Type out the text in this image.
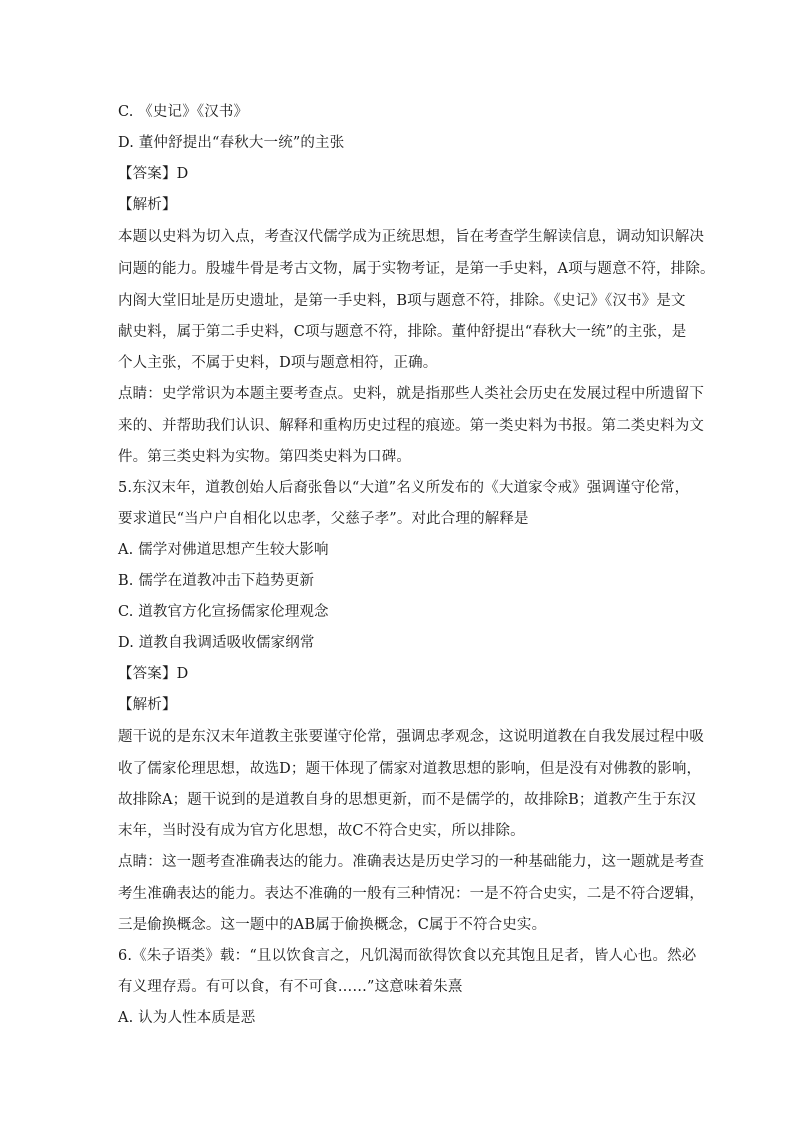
C. 《史记》《汉书》
D. 董仲舒提出“春秋大一统”的主张
【答案】D
【解析】
本题以史料为切入点，考查汉代儒学成为正统思想，旨在考查学生解读信息，调动知识解决
问题的能力。殷墟牛骨是考古文物，属于实物考证，是第一手史料，A项与题意不符，排除。
内阁大堂旧址是历史遗址，是第一手史料，B项与题意不符，排除。《史记》《汉书》是文
献史料，属于第二手史料，C项与题意不符，排除。董仲舒提出“春秋大一统”的主张，是
个人主张，不属于史料，D项与题意相符，正确。
点睛：史学常识为本题主要考查点。史料，就是指那些人类社会历史在发展过程中所遗留下
来的、并帮助我们认识、解释和重构历史过程的痕迹。第一类史料为书报。第二类史料为文
件。第三类史料为实物。第四类史料为口碑。
5.东汉末年，道教创始人后裔张鲁以“大道”名义所发布的《大道家令戒》强调谨守伦常，
要求道民“当户户自相化以忠孝，父慈子孝”。对此合理的解释是
A. 儒学对佛道思想产生较大影响
B. 儒学在道教冲击下趋势更新
C. 道教官方化宣扬儒家伦理观念
D. 道教自我调适吸收儒家纲常
【答案】D
【解析】
题干说的是东汉末年道教主张要谨守伦常，强调忠孝观念，这说明道教在自我发展过程中吸
收了儒家伦理思想，故选D；题干体现了儒家对道教思想的影响，但是没有对佛教的影响，
故排除A；题干说到的是道教自身的思想更新，而不是儒学的，故排除B；道教产生于东汉
末年，当时没有成为官方化思想，故C不符合史实，所以排除。
点睛：这一题考查准确表达的能力。准确表达是历史学习的一种基础能力，这一题就是考查
考生准确表达的能力。表达不准确的一般有三种情况：一是不符合史实，二是不符合逻辑，
三是偷换概念。这一题中的AB属于偷换概念，C属于不符合史实。
6.《朱子语类》载：“且以饮食言之，凡饥渴而欲得饮食以充其饱且足者，皆人心也。然必
有义理存焉。有可以食，有不可食……”这意味着朱熹
A. 认为人性本质是恶
